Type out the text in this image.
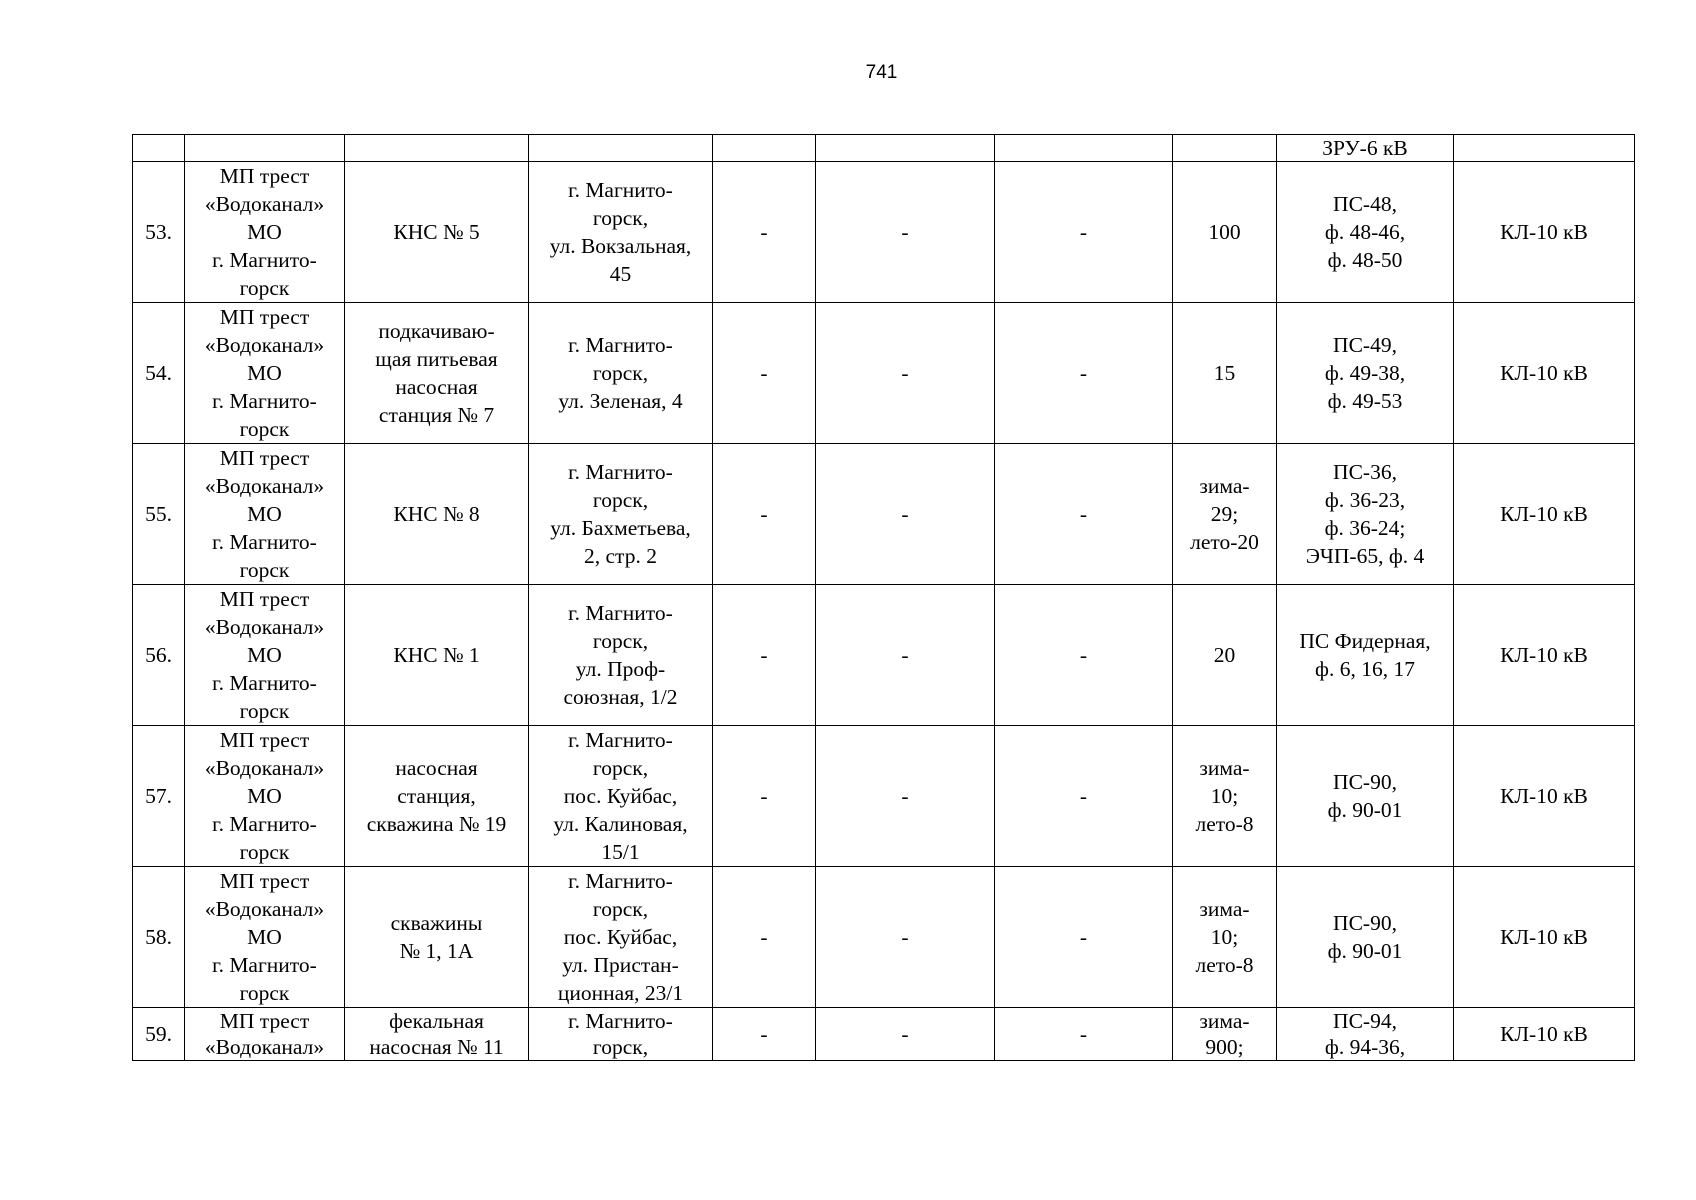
741
								ЗРУ-6 кВ	
53.	МП трест
«Водоканал»
МО
г. Магнито-
горск	КНС № 5	г. Магнито-
горск,
ул. Вокзальная,
45	-	-	-	100	ПС-48,
ф. 48-46,
ф. 48-50	КЛ-10 кВ
54.	МП трест
«Водоканал»
МО
г. Магнито-
горск	подкачиваю-
щая питьевая
насосная
станция № 7	г. Магнито-
горск,
ул. Зеленая, 4	-	-	-	15	ПС-49,
ф. 49-38,
ф. 49-53	КЛ-10 кВ
55.	МП трест
«Водоканал»
МО
г. Магнито-
горск	КНС № 8	г. Магнито-
горск,
ул. Бахметьева,
2, стр. 2	-	-	-	зима-
29;
лето-20	ПС-36,
ф. 36-23,
ф. 36-24;
ЭЧП-65, ф. 4	КЛ-10 кВ
56.	МП трест
«Водоканал»
МО
г. Магнито-
горск	КНС № 1	г. Магнито-
горск,
ул. Проф-
союзная, 1/2	-	-	-	20	ПС Фидерная,
ф. 6, 16, 17	КЛ-10 кВ
57.	МП трест
«Водоканал»
МО
г. Магнито-
горск	насосная
станция,
скважина № 19	г. Магнито-
горск,
пос. Куйбас,
ул. Калиновая,
15/1	-	-	-	зима-
10;
лето-8	ПС-90,
ф. 90-01	КЛ-10 кВ
58.	МП трест
«Водоканал»
МО
г. Магнито-
горск	скважины
№ 1, 1А	г. Магнито-
горск,
пос. Куйбас,
ул. Пристан-
ционная, 23/1	-	-	-	зима-
10;
лето-8	ПС-90,
ф. 90-01	КЛ-10 кВ
59.	МП трест
«Водоканал»	фекальная
насосная № 11	г. Магнито-
горск,	-	-	-	зима-
900;	ПС-94,
ф. 94-36,	КЛ-10 кВ
